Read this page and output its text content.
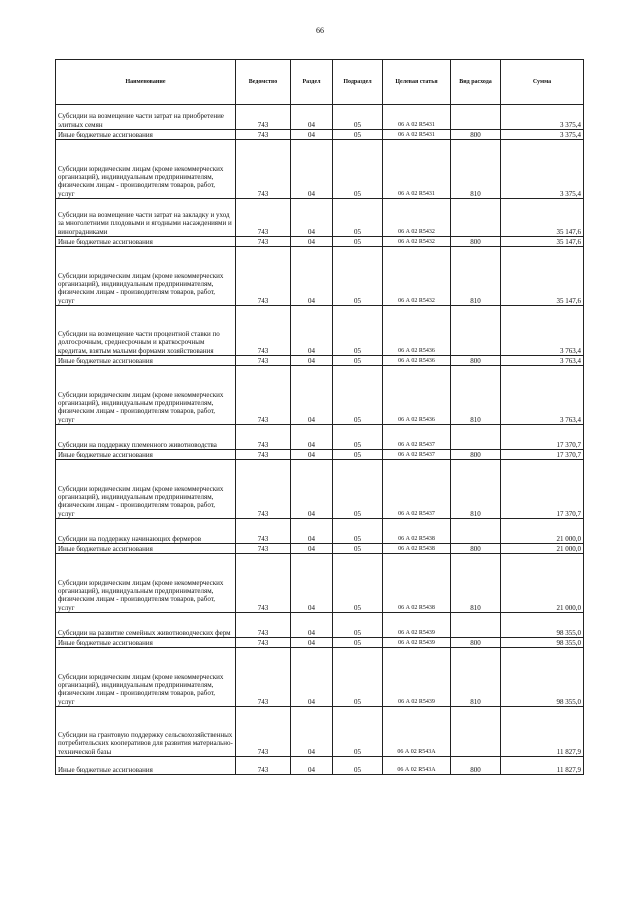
66
Наименование	Ведомство	Раздел	Подраздел	Целевая статья	Вид расхода	Сумма
Субсидии на возмещение части затрат на приобретение элитных семян	743	04	05	06 А 02 R5431		3 375,4
Иные бюджетные ассигнования	743	04	05	06 А 02 R5431	800	3 375,4
Субсидии юридическим лицам (кроме некоммерческих организаций), индивидуальным предпринимателям, физическим лицам - производителям товаров, работ, услуг	743	04	05	06 А 02 R5431	810	3 375,4
Субсидии на возмещение части затрат на закладку и уход за многолетними плодовыми и ягодными насаждениями и виноградниками	743	04	05	06 А 02 R5432		35 147,6
Иные бюджетные ассигнования	743	04	05	06 А 02 R5432	800	35 147,6
Субсидии юридическим лицам (кроме некоммерческих организаций), индивидуальным предпринимателям, физическим лицам - производителям товаров, работ, услуг	743	04	05	06 А 02 R5432	810	35 147,6
Субсидии на возмещение части процентной ставки по долгосрочным, среднесрочным и краткосрочным кредитам, взятым малыми формами хозяйствования	743	04	05	06 А 02 R5436		3 763,4
Иные бюджетные ассигнования	743	04	05	06 А 02 R5436	800	3 763,4
Субсидии юридическим лицам (кроме некоммерческих организаций), индивидуальным предпринимателям, физическим лицам - производителям товаров, работ, услуг	743	04	05	06 А 02 R5436	810	3 763,4
Субсидии на поддержку племенного животноводства	743	04	05	06 А 02 R5437		17 370,7
Иные бюджетные ассигнования	743	04	05	06 А 02 R5437	800	17 370,7
Субсидии юридическим лицам (кроме некоммерческих организаций), индивидуальным предпринимателям, физическим лицам - производителям товаров, работ, услуг	743	04	05	06 А 02 R5437	810	17 370,7
Субсидии на поддержку начинающих фермеров	743	04	05	06 А 02 R5438		21 000,0
Иные бюджетные ассигнования	743	04	05	06 А 02 R5438	800	21 000,0
Субсидии юридическим лицам (кроме некоммерческих организаций), индивидуальным предпринимателям, физическим лицам - производителям товаров, работ, услуг	743	04	05	06 А 02 R5438	810	21 000,0
Субсидии на развитие семейных животноводческих ферм	743	04	05	06 А 02 R5439		98 355,0
Иные бюджетные ассигнования	743	04	05	06 А 02 R5439	800	98 355,0
Субсидии юридическим лицам (кроме некоммерческих организаций), индивидуальным предпринимателям, физическим лицам - производителям товаров, работ, услуг	743	04	05	06 А 02 R5439	810	98 355,0
Субсидии на грантовую поддержку сельскохозяйственных потребительских кооперативов для развития материально-технической базы	743	04	05	06 А 02 R543А		11 827,9
Иные бюджетные ассигнования	743	04	05	06 А 02 R543А	800	11 827,9
